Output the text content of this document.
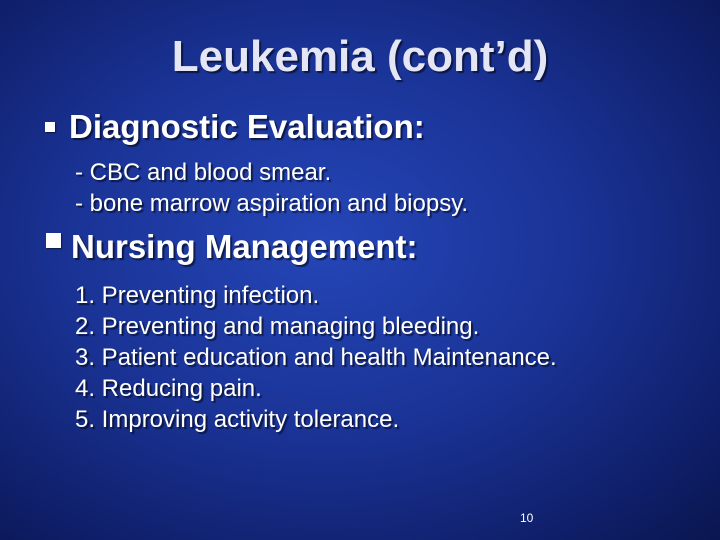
Leukemia (cont’d)
Diagnostic Evaluation:
- CBC and blood smear.
- bone marrow aspiration and biopsy.
Nursing Management:
1. Preventing infection.
2. Preventing and managing bleeding.
3. Patient education and health Maintenance.
4. Reducing pain.
5. Improving activity tolerance.
10
